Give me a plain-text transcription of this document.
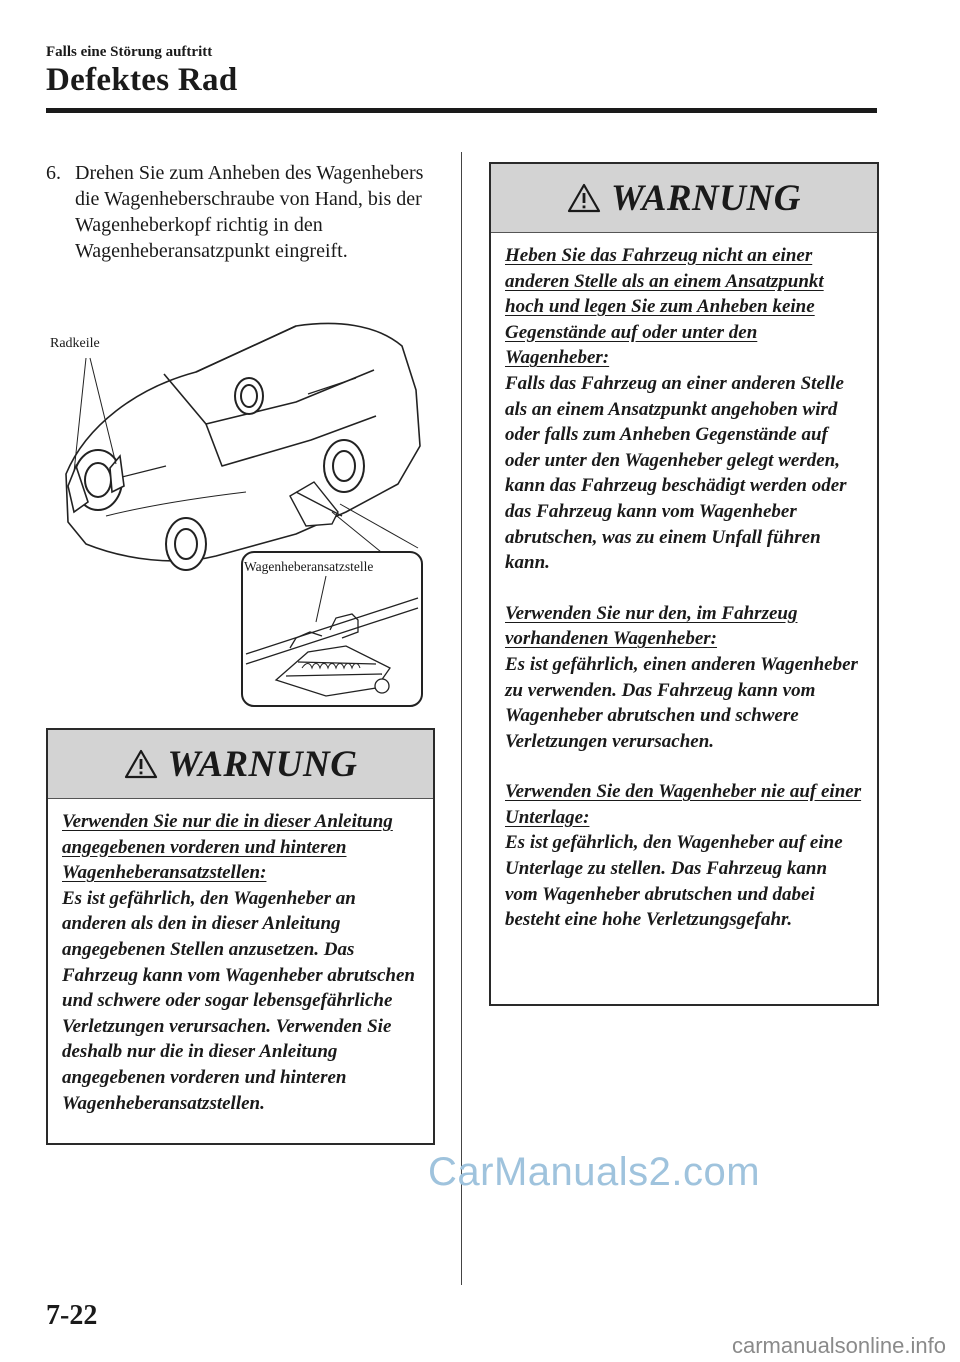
Falls eine Störung auftritt
Defektes Rad
6. Drehen Sie zum Anheben des Wagenhebers die Wagenheberschraube von Hand, bis der Wagenheberkopf richtig in den Wagenheberansatzpunkt eingreift.
Radkeile
Wagenheberansatzstelle
WARNUNG
Verwenden Sie nur die in dieser Anleitung angegebenen vorderen und hinteren Wagenheberansatzstellen:
Es ist gefährlich, den Wagenheber an anderen als den in dieser Anleitung angegebenen Stellen anzusetzen. Das Fahrzeug kann vom Wagenheber abrutschen und schwere oder sogar lebensgefährliche Verletzungen verursachen. Verwenden Sie deshalb nur die in dieser Anleitung angegebenen vorderen und hinteren Wagenheberansatzstellen.
WARNUNG
Heben Sie das Fahrzeug nicht an einer anderen Stelle als an einem Ansatzpunkt hoch und legen Sie zum Anheben keine Gegenstände auf oder unter den Wagenheber:
Falls das Fahrzeug an einer anderen Stelle als an einem Ansatzpunkt angehoben wird oder falls zum Anheben Gegenstände auf oder unter den Wagenheber gelegt werden, kann das Fahrzeug beschädigt werden oder das Fahrzeug kann vom Wagenheber abrutschen, was zu einem Unfall führen kann.
Verwenden Sie nur den, im Fahrzeug vorhandenen Wagenheber:
Es ist gefährlich, einen anderen Wagenheber zu verwenden. Das Fahrzeug kann vom Wagenheber abrutschen und schwere Verletzungen verursachen.
Verwenden Sie den Wagenheber nie auf einer Unterlage:
Es ist gefährlich, den Wagenheber auf eine Unterlage zu stellen. Das Fahrzeug kann vom Wagenheber abrutschen und dabei besteht eine hohe Verletzungsgefahr.
CarManuals2.com
7-22
carmanualsonline.info
